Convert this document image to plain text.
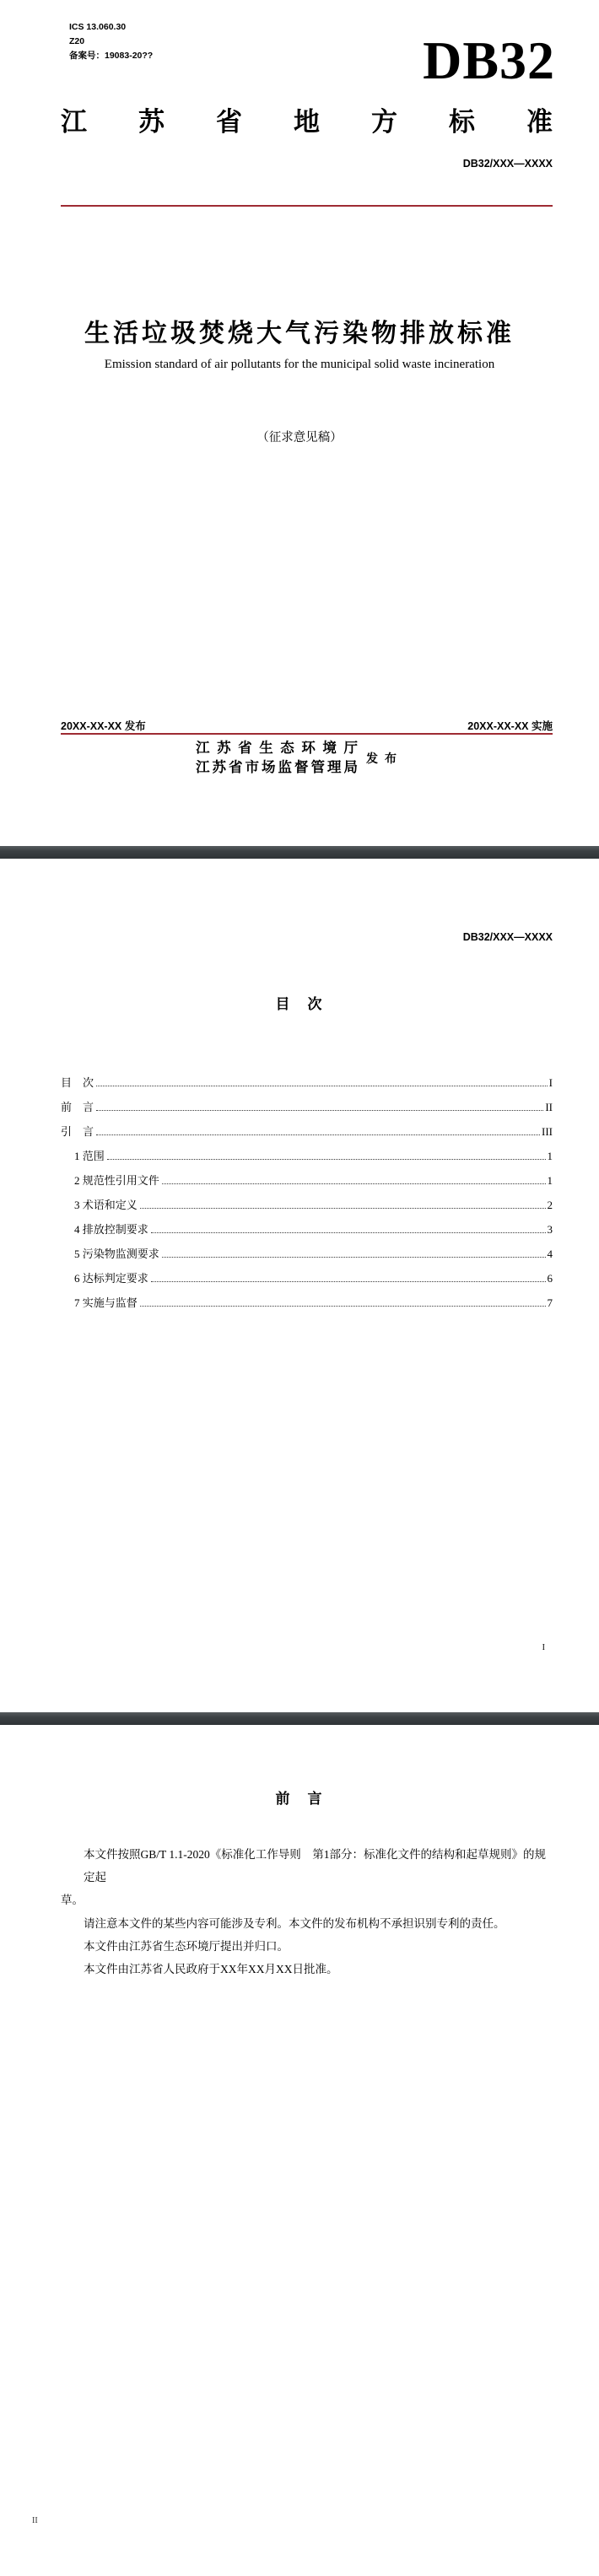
ICS 13.060.30
Z20
备案号：19083-20??	DB32
江 苏 省 地 方 标 准
DB32/XXX—XXXX
生活垃圾焚烧大气污染物排放标准
Emission standard of air pollutants for the municipal solid waste incineration
（征求意见稿）
20XX-XX-XX 发布	20XX-XX-XX 实施
江 苏 省 生 态 环 境 厅
江 苏 省 市 场 监 督 管 理 局
发布
DB32/XXX—XXXX
目　次
目　次	I
前　言	II
引　言	III
1 范围	1
2 规范性引用文件	1
3 术语和定义	2
4 排放控制要求	3
5 污染物监测要求	4
6 达标判定要求	6
7 实施与监督	7
I
前　言
本文件按照GB/T 1.1-2020《标准化工作导则　第1部分：标准化文件的结构和起草规则》的规定起
草。
请注意本文件的某些内容可能涉及专利。本文件的发布机构不承担识别专利的责任。
本文件由江苏省生态环境厅提出并归口。
本文件由江苏省人民政府于XX年XX月XX日批准。
II
